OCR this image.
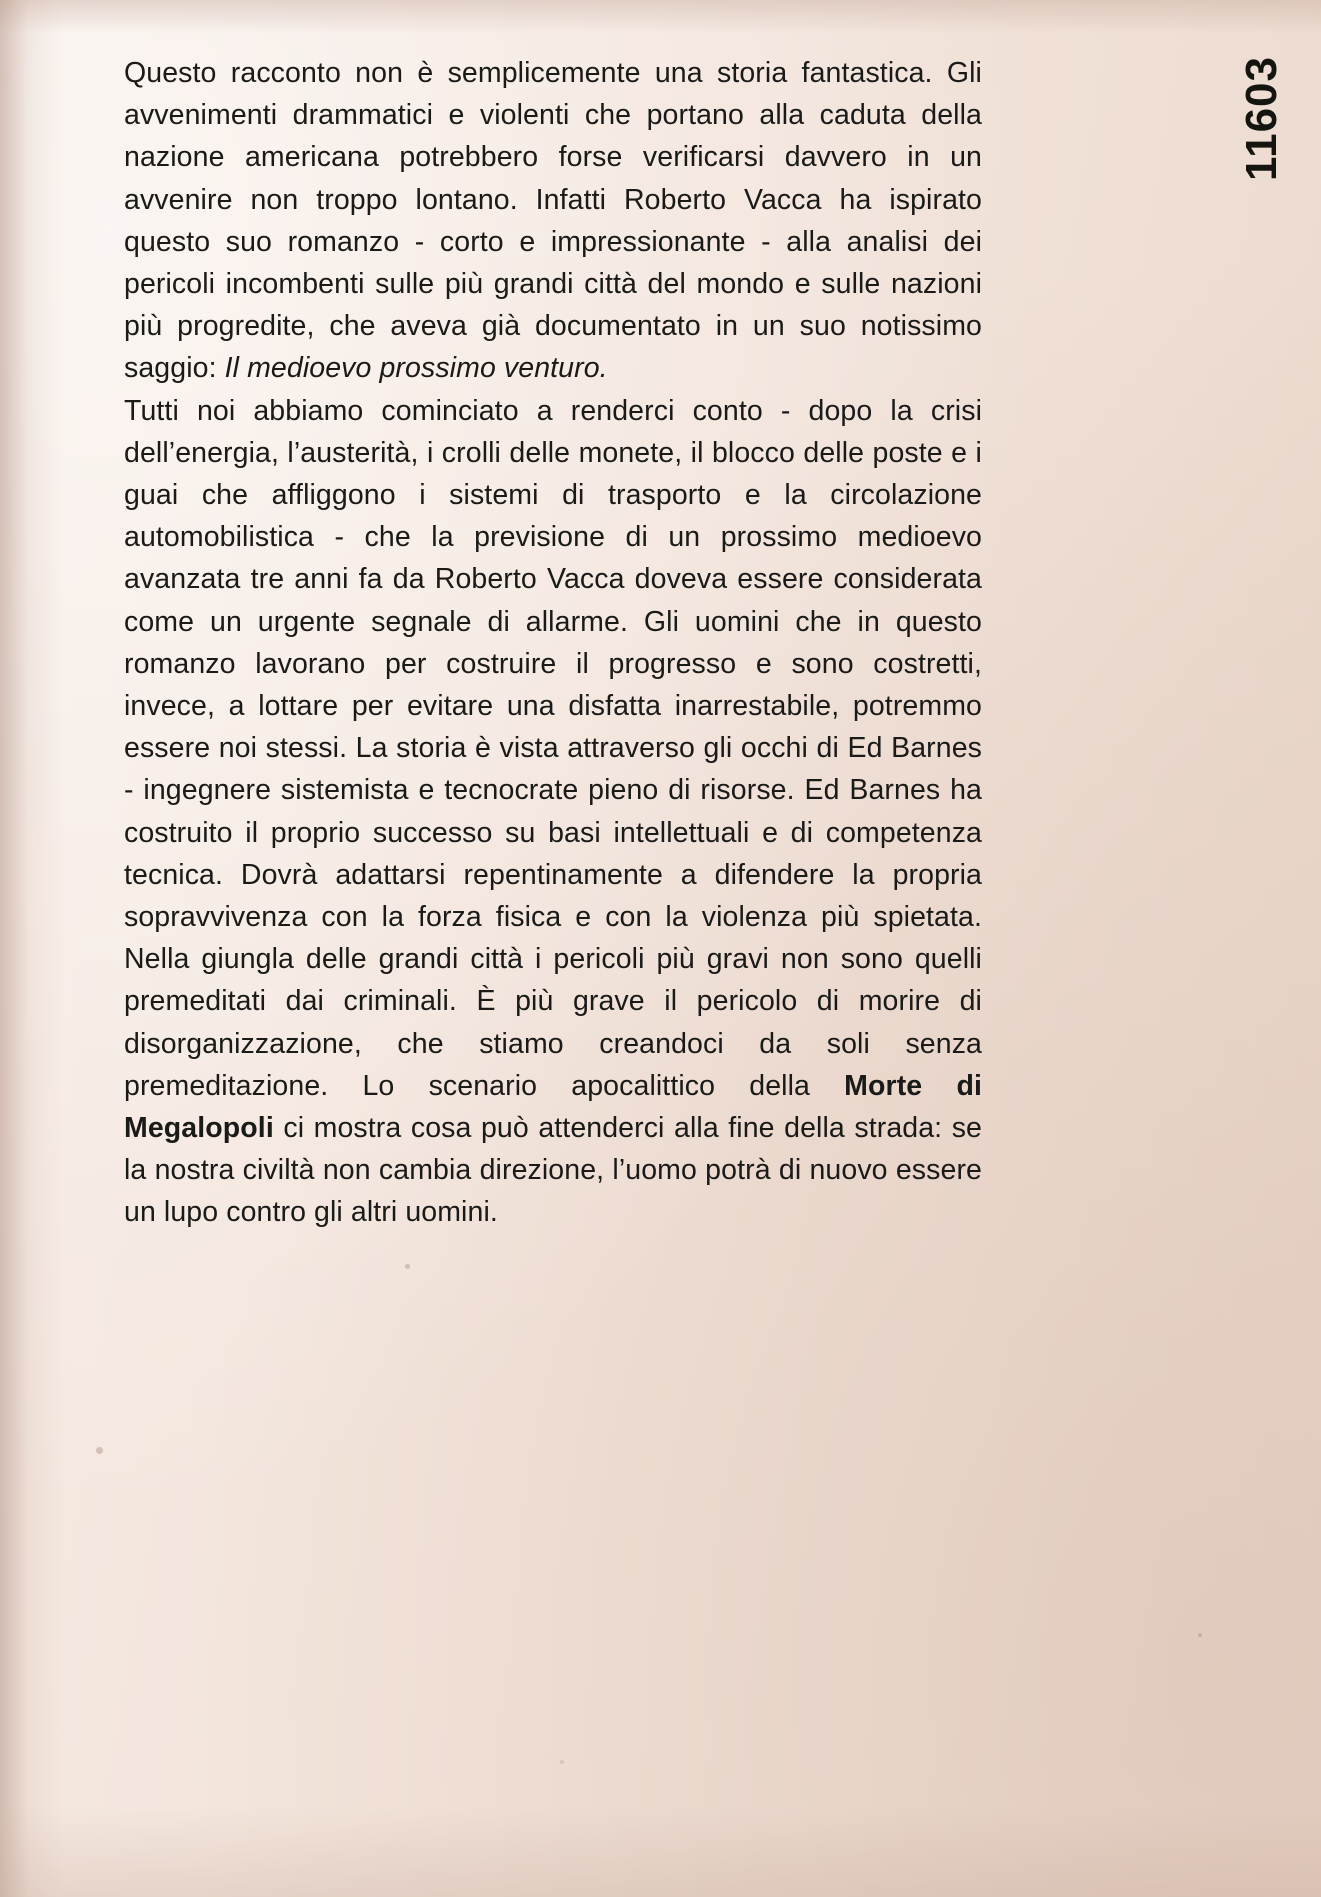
11603

Questo racconto non è semplicemente una storia fantastica. Gli avvenimenti drammatici e violenti che portano alla caduta della nazione americana potrebbero forse verificarsi davvero in un avvenire non troppo lontano. Infatti Roberto Vacca ha ispirato questo suo romanzo - corto e impressionante - alla analisi dei pericoli incombenti sulle più grandi città del mondo e sulle nazioni più progredite, che aveva già documentato in un suo notissimo saggio: Il medioevo prossimo venturo.

Tutti noi abbiamo cominciato a renderci conto - dopo la crisi dell’energia, l’austerità, i crolli delle monete, il blocco delle poste e i guai che affliggono i sistemi di trasporto e la circolazione automobilistica - che la previsione di un prossimo medioevo avanzata tre anni fa da Roberto Vacca doveva essere considerata come un urgente segnale di allarme. Gli uomini che in questo romanzo lavorano per costruire il progresso e sono costretti, invece, a lottare per evitare una disfatta inarrestabile, potremmo essere noi stessi. La storia è vista attraverso gli occhi di Ed Barnes - ingegnere sistemista e tecnocrate pieno di risorse. Ed Barnes ha costruito il proprio successo su basi intellettuali e di competenza tecnica. Dovrà adattarsi repentinamente a difendere la propria sopravvivenza con la forza fisica e con la violenza più spietata. Nella giungla delle grandi città i pericoli più gravi non sono quelli premeditati dai criminali. È più grave il pericolo di morire di disorganizzazione, che stiamo creandoci da soli senza premeditazione. Lo scenario apocalittico della Morte di Megalopoli ci mostra cosa può attenderci alla fine della strada: se la nostra civiltà non cambia direzione, l’uomo potrà di nuovo essere un lupo contro gli altri uomini.
